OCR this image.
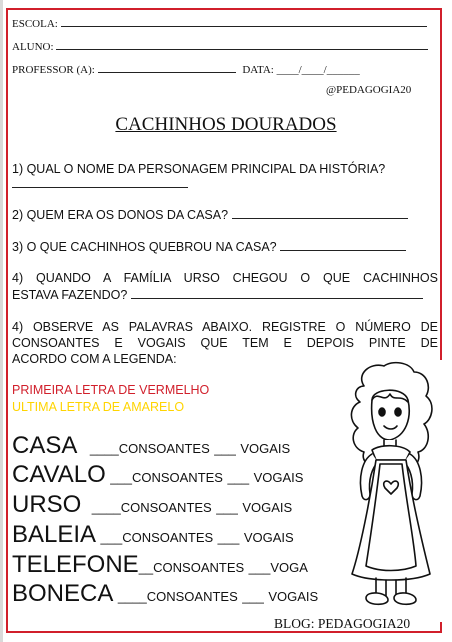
ESCOLA:
ALUNO:
PROFESSOR (A):	DATA: ____/____/______
@PEDAGOGIA20
CACHINHOS DOURADOS
1) QUAL O NOME DA PERSONAGEM PRINCIPAL DA HISTÓRIA?
2) QUEM ERA OS DONOS DA CASA?
3) O QUE CACHINHOS QUEBROU NA CASA?
4) QUANDO A FAMÍLIA URSO CHEGOU O QUE CACHINHOS
ESTAVA FAZENDO?
4) OBSERVE AS PALAVRAS ABAIXO. REGISTRE O NÚMERO DE
CONSOANTES E VOGAIS QUE TEM E DEPOIS PINTE DE
ACORDO COM A LEGENDA:
PRIMEIRA LETRA DE VERMELHO
ULTIMA LETRA DE AMARELO
CASA ____CONSOANTES ___ VOGAIS
CAVALO ___CONSOANTES ___ VOGAIS
URSO ____CONSOANTES ___ VOGAIS
BALEIA ___CONSOANTES ___ VOGAIS
TELEFONE__CONSOANTES ___VOGA
BONECA ____CONSOANTES ___ VOGAIS
BLOG: PEDAGOGIA20
